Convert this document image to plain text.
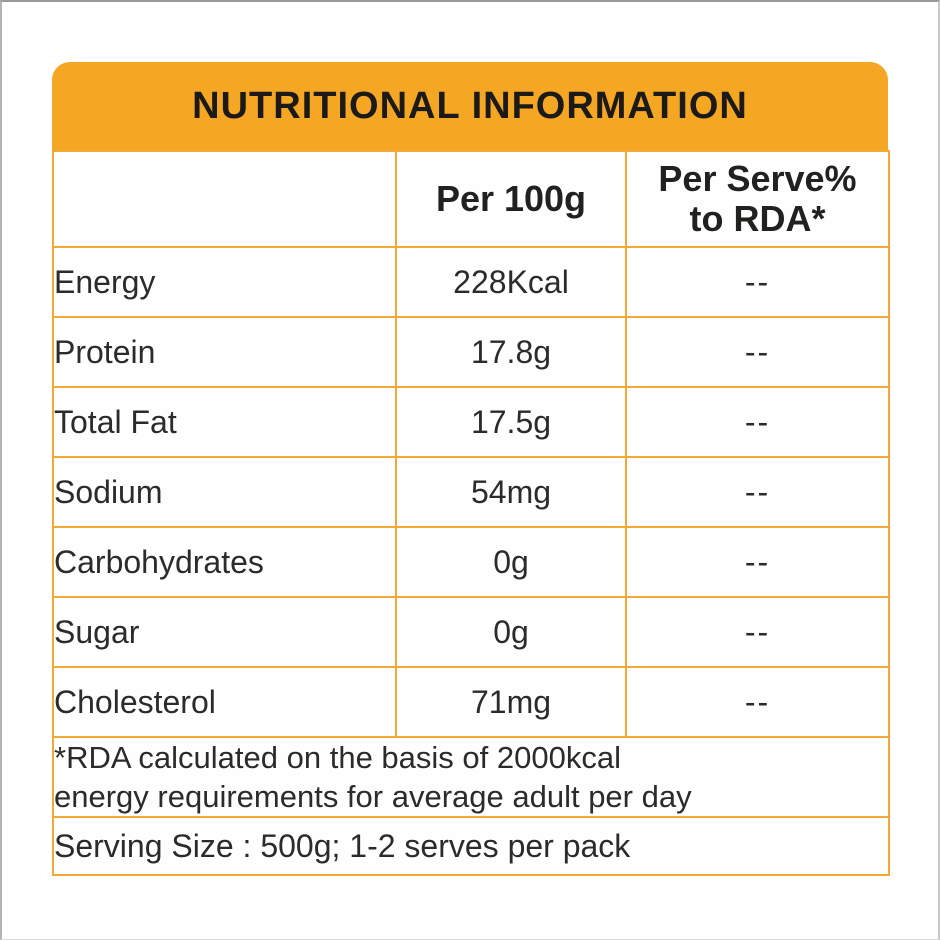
NUTRITIONAL INFORMATION
	Per 100g	Per Serve%
to RDA*

Energy	228Kcal	--
Protein	17.8g	--
Total Fat	17.5g	--
Sodium	54mg	--
Carbohydrates	0g	--
Sugar	0g	--
Cholesterol	71mg	--

*RDA calculated on the basis of 2000kcal
energy requirements for average adult per day		

Serving Size : 500g; 1-2 serves per pack		
